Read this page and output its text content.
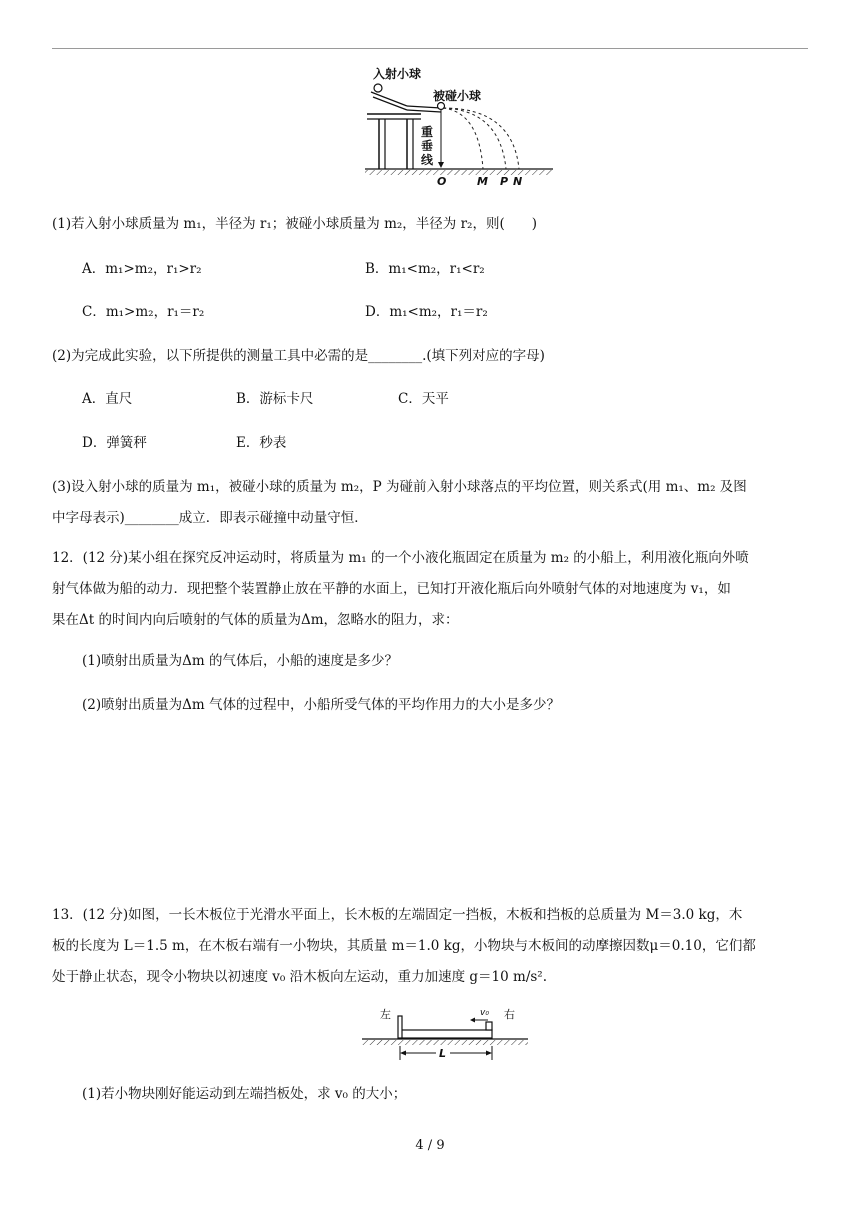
入射小球
被碰小球
重
垂
线
O	M P N
(1)若入射小球质量为 m₁，半径为 r₁；被碰小球质量为 m₂，半径为 r₂，则(　　)
A．m₁>m₂，r₁>r₂	B．m₁<m₂，r₁<r₂
C．m₁>m₂，r₁＝r₂	D．m₁<m₂，r₁＝r₂
(2)为完成此实验，以下所提供的测量工具中必需的是________.(填下列对应的字母)
A．直尺	B．游标卡尺	C．天平
D．弹簧秤	E．秒表
(3)设入射小球的质量为 m₁，被碰小球的质量为 m₂，P 为碰前入射小球落点的平均位置，则关系式(用 m₁、m₂ 及图
中字母表示)________成立．即表示碰撞中动量守恒．
12．(12 分)某小组在探究反冲运动时，将质量为 m₁ 的一个小液化瓶固定在质量为 m₂ 的小船上，利用液化瓶向外喷
射气体做为船的动力．现把整个装置静止放在平静的水面上，已知打开液化瓶后向外喷射气体的对地速度为 v₁，如
果在Δt 的时间内向后喷射的气体的质量为Δm，忽略水的阻力，求：
(1)喷射出质量为Δm 的气体后，小船的速度是多少？
(2)喷射出质量为Δm 气体的过程中，小船所受气体的平均作用力的大小是多少？
13．(12 分)如图，一长木板位于光滑水平面上，长木板的左端固定一挡板，木板和挡板的总质量为 M＝3.0 kg，木
板的长度为 L＝1.5 m，在木板右端有一小物块，其质量 m＝1.0 kg，小物块与木板间的动摩擦因数μ＝0.10，它们都
处于静止状态，现令小物块以初速度 v₀ 沿木板向左运动，重力加速度 g＝10 m/s².
左	右
v₀
L
(1)若小物块刚好能运动到左端挡板处，求 v₀ 的大小；
4 / 9
